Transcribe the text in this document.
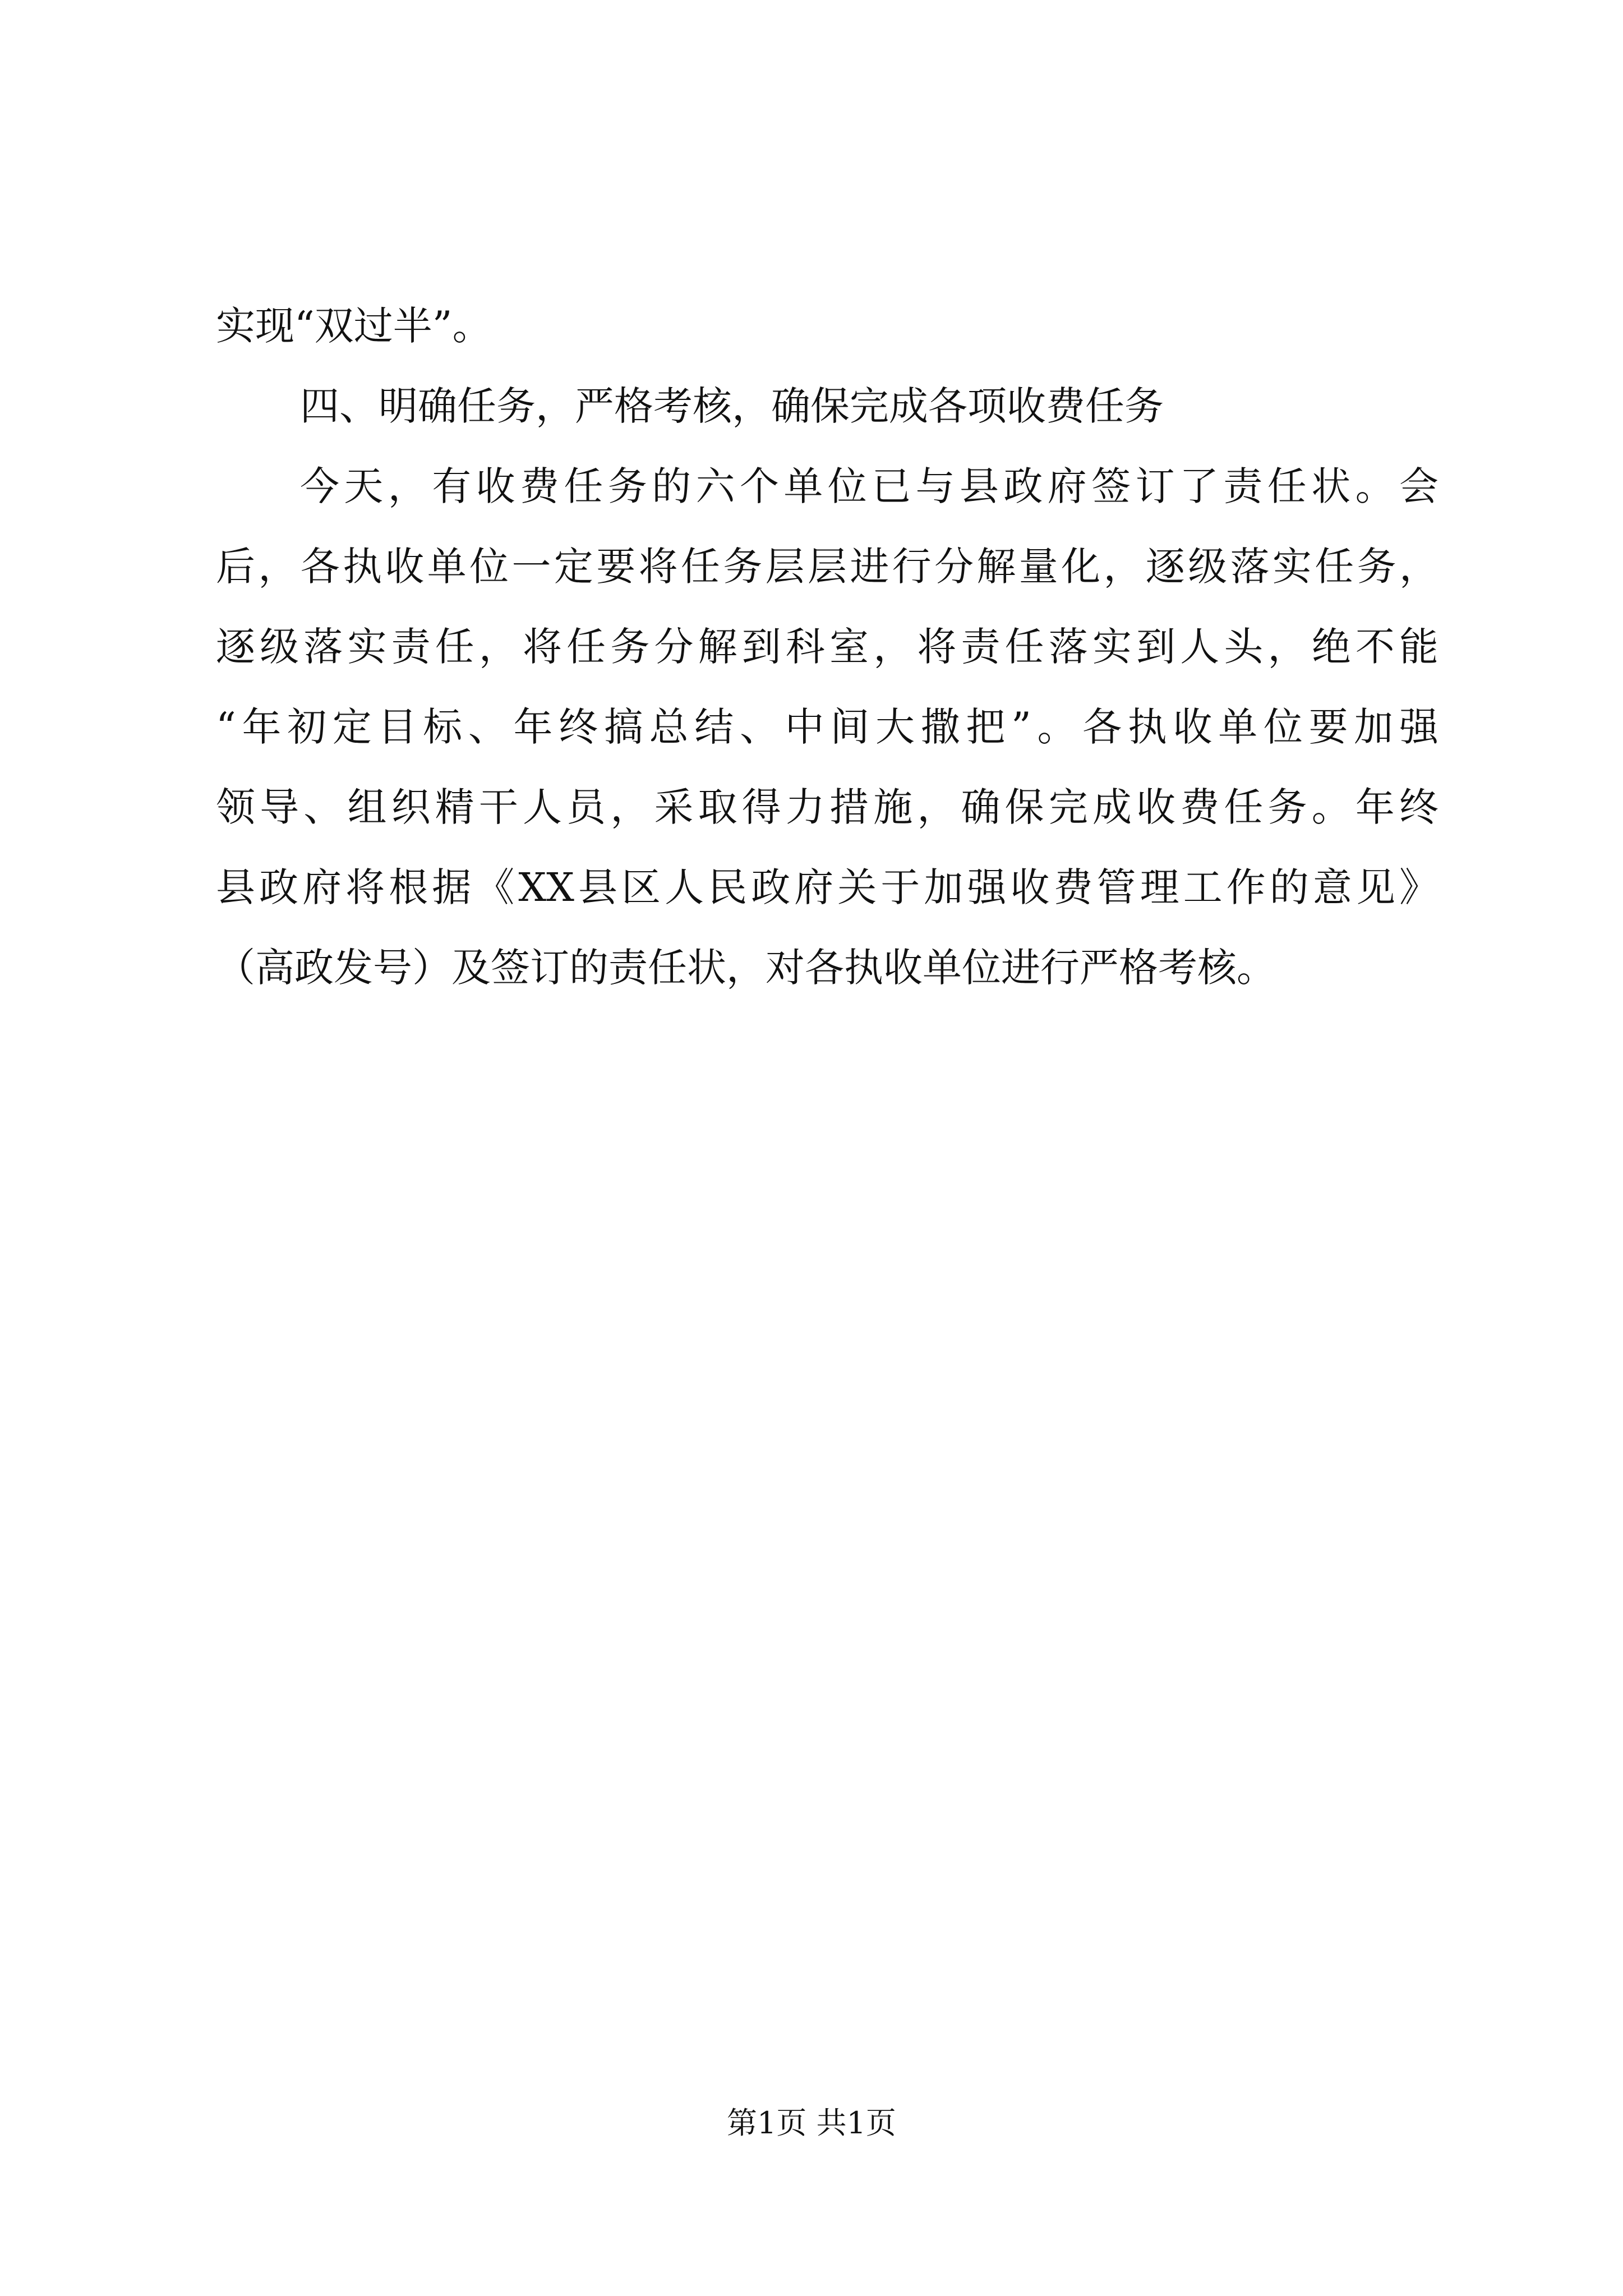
实现“双过半”。
四、明确任务，严格考核，确保完成各项收费任务
今天，有收费任务的六个单位已与县政府签订了责任状。会
后，各执收单位一定要将任务层层进行分解量化，逐级落实任务，
逐级落实责任，将任务分解到科室，将责任落实到人头，绝不能
“年初定目标、年终搞总结、中间大撒把”。各执收单位要加强
领导、组织精干人员，采取得力措施，确保完成收费任务。年终
县政府将根据《XX县区人民政府关于加强收费管理工作的意见》
（高政发号）及签订的责任状，对各执收单位进行严格考核。
第1页 共1页
